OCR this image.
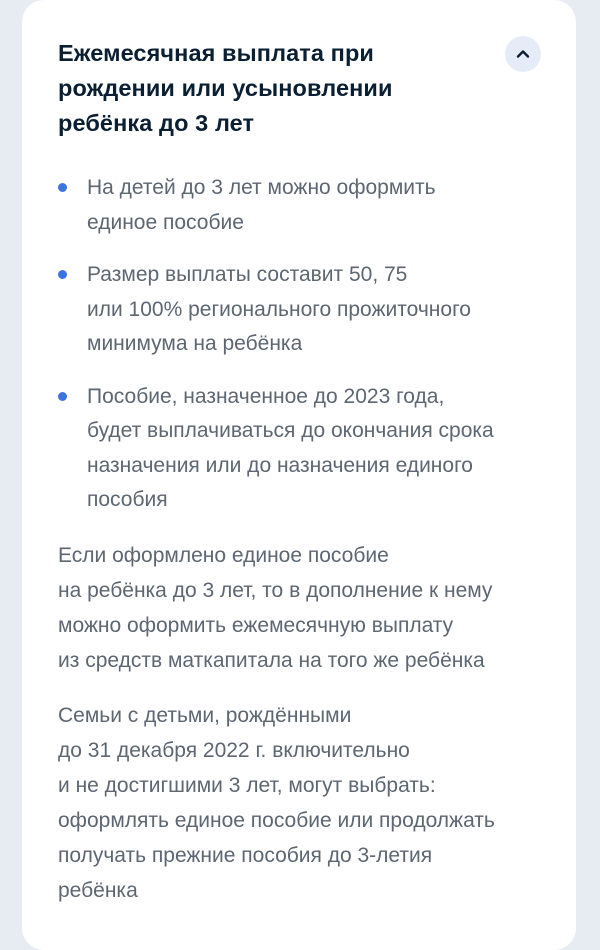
Ежемесячная выплата при
рождении или усыновлении
ребёнка до 3 лет

На детей до 3 лет можно оформить
единое пособие

Размер выплаты составит 50, 75
или 100% регионального прожиточного
минимума на ребёнка

Пособие, назначенное до 2023 года,
будет выплачиваться до окончания срока
назначения или до назначения единого
пособия

Если оформлено единое пособие
на ребёнка до 3 лет, то в дополнение к нему
можно оформить ежемесячную выплату
из средств маткапитала на того же ребёнка

Семьи с детьми, рождёнными
до 31 декабря 2022 г. включительно
и не достигшими 3 лет, могут выбрать:
оформлять единое пособие или продолжать
получать прежние пособия до 3-летия
ребёнка
